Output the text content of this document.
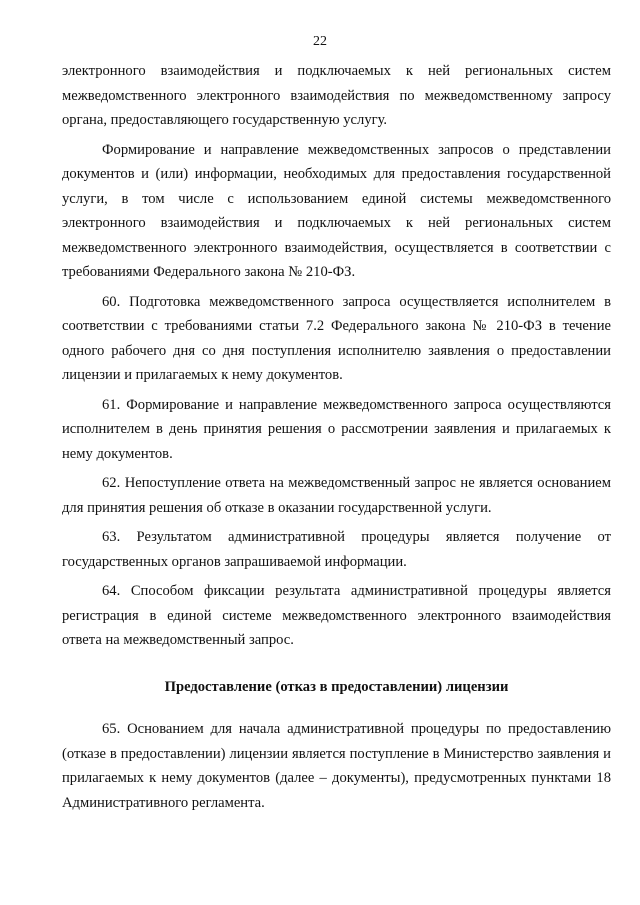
22

электронного взаимодействия и подключаемых к ней региональных систем межведомственного электронного взаимодействия по межведомственному запросу органа, предоставляющего государственную услугу.

Формирование и направление межведомственных запросов о представлении документов и (или) информации, необходимых для предоставления государственной услуги, в том числе с использованием единой системы межведомственного электронного взаимодействия и подключаемых к ней региональных систем межведомственного электронного взаимодействия, осуществляется в соответствии с требованиями Федерального закона № 210-ФЗ.

60. Подготовка межведомственного запроса осуществляется исполнителем в соответствии с требованиями статьи 7.2 Федерального закона № 210-ФЗ в течение одного рабочего дня со дня поступления исполнителю заявления о предоставлении лицензии и прилагаемых к нему документов.

61. Формирование и направление межведомственного запроса осуществляются исполнителем в день принятия решения о рассмотрении заявления и прилагаемых к нему документов.

62. Непоступление ответа на межведомственный запрос не является основанием для принятия решения об отказе в оказании государственной услуги.

63. Результатом административной процедуры является получение от государственных органов запрашиваемой информации.

64. Способом фиксации результата административной процедуры является регистрация в единой системе межведомственного электронного взаимодействия ответа на межведомственный запрос.

Предоставление (отказ в предоставлении) лицензии

65. Основанием для начала административной процедуры по предоставлению (отказе в предоставлении) лицензии является поступление в Министерство заявления и прилагаемых к нему документов (далее – документы), предусмотренных пунктами 18 Административного регламента.
